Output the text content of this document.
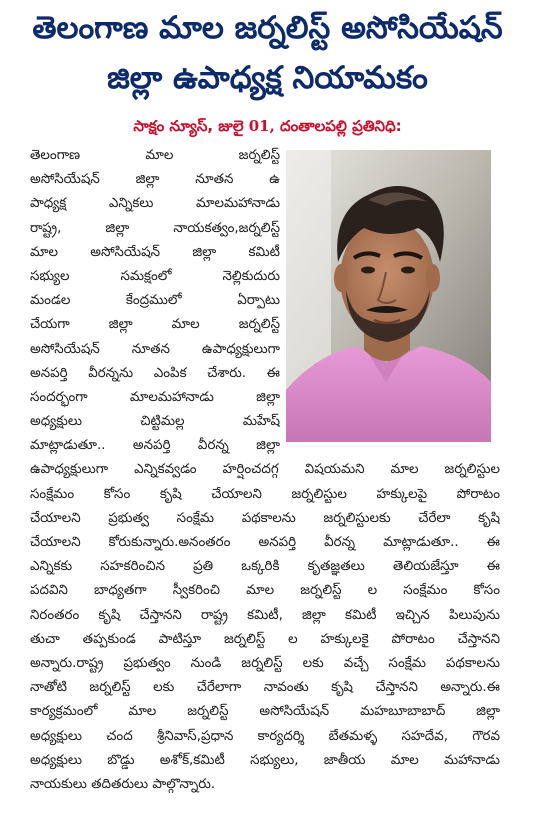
తెలంగాణ మాల జర్నలిస్ట్ అసోసియేషన్
జిల్లా ఉపాధ్యక్ష నియామకం
సాక్షం న్యూస్, జులై 01, దంతాలపల్లి ప్రతినిధి:
తెలంగాణ మాల జర్నలిస్ట్
అసోసియేషన్ జిల్లా నూతన ఉ
పాధ్యక్ష ఎన్నికలు మాలమహానాడు
రాష్ట్ర, జిల్లా నాయకత్వం,జర్నలిస్ట్
మాల అసోసియేషన్ జిల్లా కమిటీ
సభ్యుల సమక్షంలో నెల్లికుదురు
మండల కేంద్రములో ఏర్పాటు
చేయగా జిల్లా మాల జర్నలిస్ట్
అసోసియేషన్ నూతన ఉపాధ్యక్షులుగా
అనపర్తి వీరన్నను ఎంపిక చేశారు. ఈ
సందర్భంగా మాలమహానాడు జిల్లా
అధ్యక్షులు చిట్టిమల్ల మహేష్
మాట్లాడుతూ.. అనపర్తి వీరన్న జిల్లా
ఉపాధ్యక్షులుగా ఎన్నికవ్వడం హర్షించదగ్గ విషయమని మాల జర్నలిస్టుల
సంక్షేమం కోసం కృషి చేయాలని జర్నలిస్టుల హక్కులపై పోరాటం
చేయాలని ప్రభుత్వ సంక్షేమ పథకాలను జర్నలిస్టులకు చేరేలా కృషి
చేయాలని కోరుకున్నారు.అనంతరం అనపర్తి వీరన్న మాట్లాడుతూ.. ఈ
ఎన్నికకు సహకరించిన ప్రతి ఒక్కరికి కృతజ్ఞతలు తెలియజేస్తూ ఈ
పదవిని బాధ్యతగా స్వీకరించి మాల జర్నలిస్ట్ ల సంక్షేమం కోసం
నిరంతరం కృషి చేస్తానని రాష్ట్ర కమిటీ, జిల్లా కమిటీ ఇచ్చిన పిలుపును
తుచా తప్పకుండ పాటిస్తూ జర్నలిస్ట్ ల హక్కులకై పోరాటం చేస్తానని
అన్నారు.రాష్ట్ర ప్రభుత్వం నుండి జర్నలిస్ట్ లకు వచ్చే సంక్షేమ పథకాలను
నాతోటి జర్నలిస్ట్ లకు చేరేలాగా నావంతు కృషి చేస్తానని అన్నారు.ఈ
కార్యక్రమంలో మాల జర్నలిస్ట్ అసోసియేషన్ మహబూబాబాద్ జిల్లా
అధ్యక్షులు చంద శ్రీనివాస్,ప్రధాన కార్యదర్శి బేతమళ్ళ సహదేవ, గౌరవ
అధ్యక్షులు బొడ్డు అశోక్,కమిటీ సభ్యులు, జాతీయ మాల మహానాడు
నాయకులు తదితరులు పాల్గొన్నారు.
